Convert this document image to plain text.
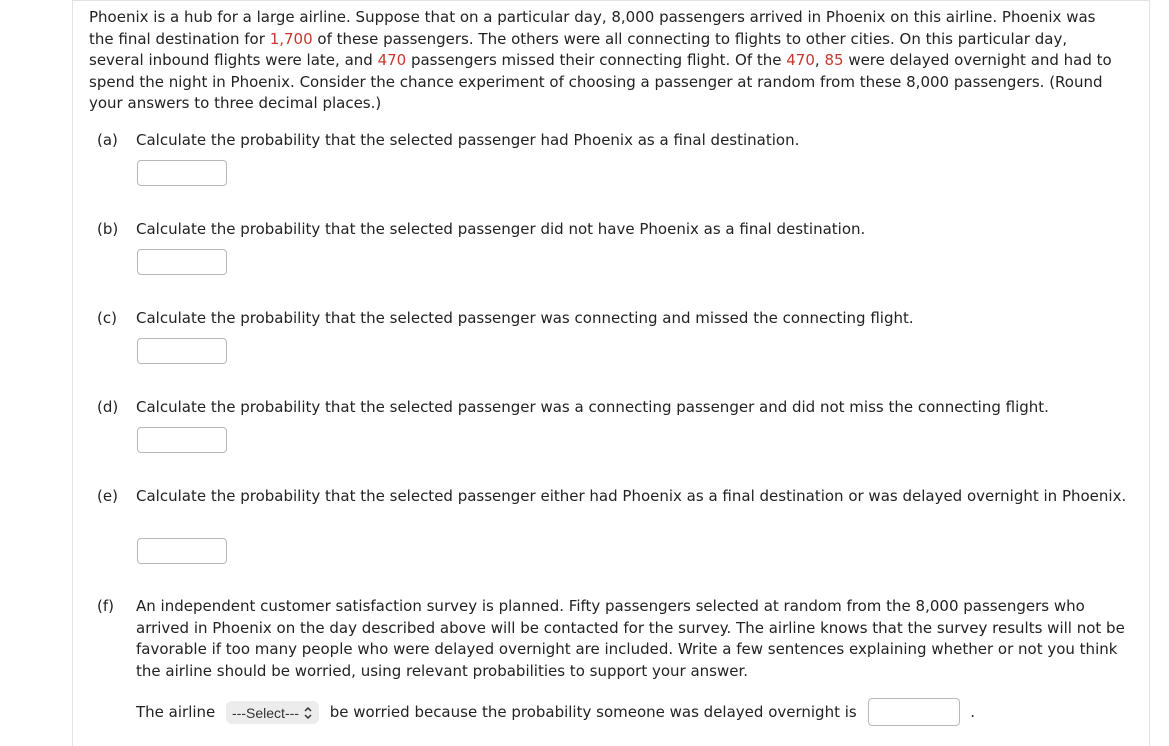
Phoenix is a hub for a large airline. Suppose that on a particular day, 8,000 passengers arrived in Phoenix on this airline. Phoenix was the final destination for 1,700 of these passengers. The others were all connecting to flights to other cities. On this particular day, several inbound flights were late, and 470 passengers missed their connecting flight. Of the 470, 85 were delayed overnight and had to spend the night in Phoenix. Consider the chance experiment of choosing a passenger at random from these 8,000 passengers. (Round your answers to three decimal places.)

(a) Calculate the probability that the selected passenger had Phoenix as a final destination.
(b) Calculate the probability that the selected passenger did not have Phoenix as a final destination.
(c) Calculate the probability that the selected passenger was connecting and missed the connecting flight.
(d) Calculate the probability that the selected passenger was a connecting passenger and did not miss the connecting flight.
(e) Calculate the probability that the selected passenger either had Phoenix as a final destination or was delayed overnight in Phoenix.
(f) An independent customer satisfaction survey is planned. Fifty passengers selected at random from the 8,000 passengers who arrived in Phoenix on the day described above will be contacted for the survey. The airline knows that the survey results will not be favorable if too many people who were delayed overnight are included. Write a few sentences explaining whether or not you think the airline should be worried, using relevant probabilities to support your answer.
The airline ---Select--- be worried because the probability someone was delayed overnight is	.
